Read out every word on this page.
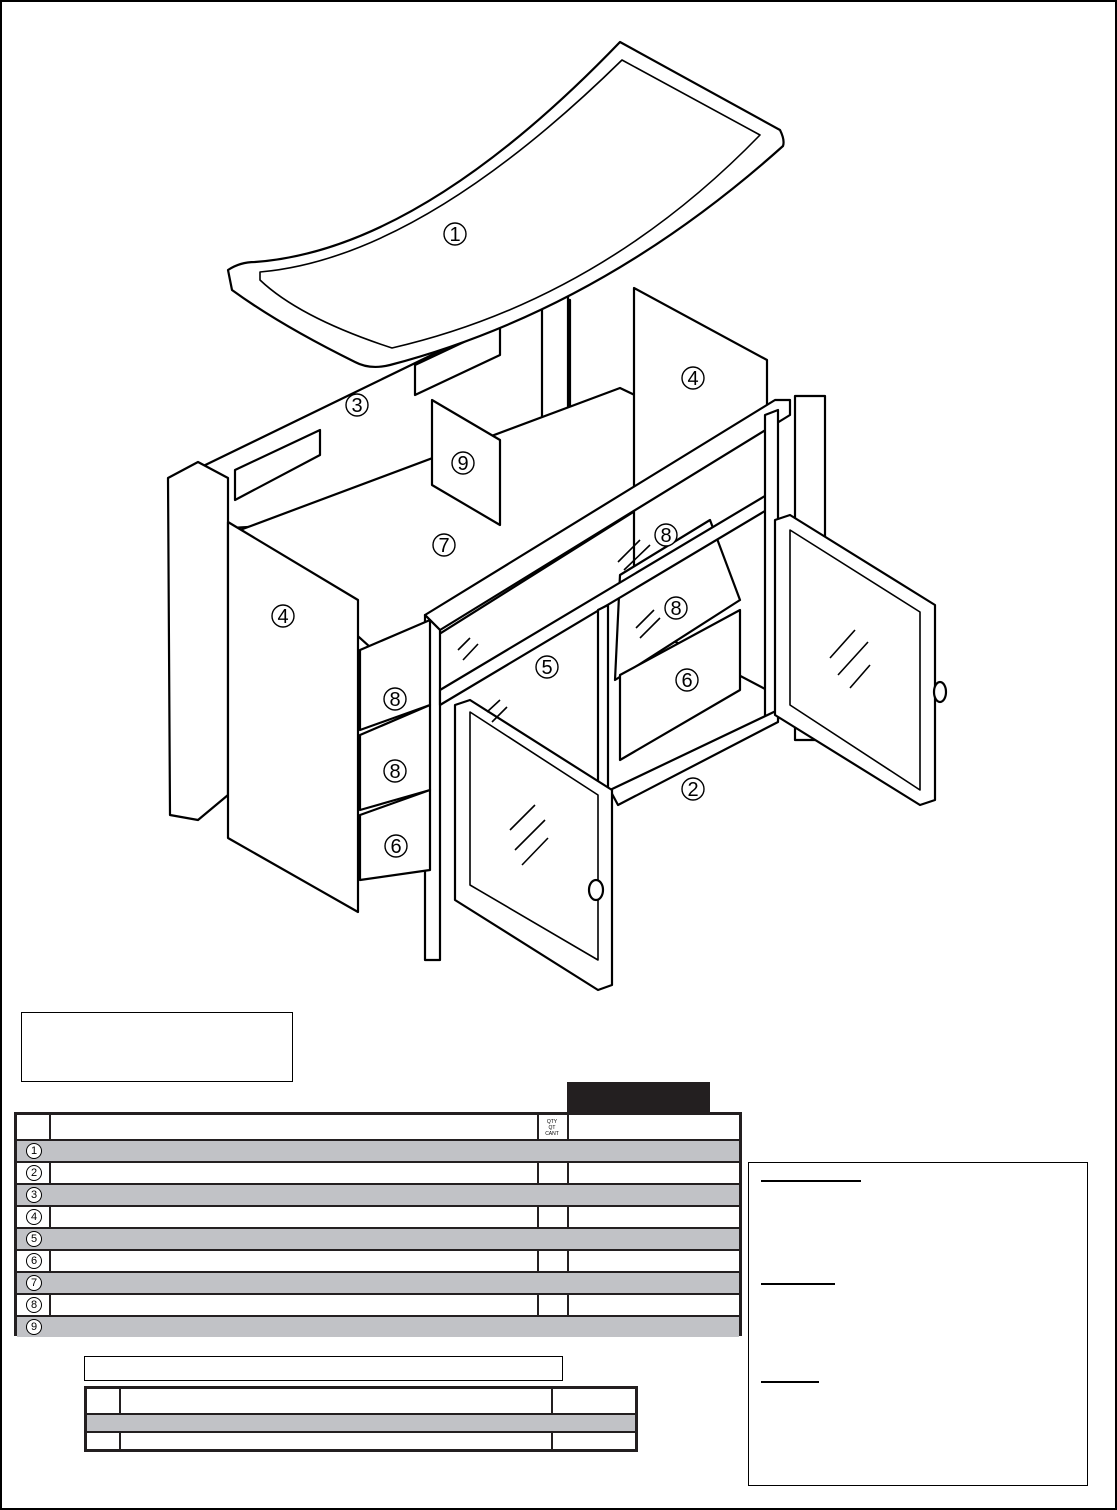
1
2
3
4
4
5
6
6
7	8
8
8
8
9
QTY
QT
CANT
1
2
3
4
5
6
7
8
9
